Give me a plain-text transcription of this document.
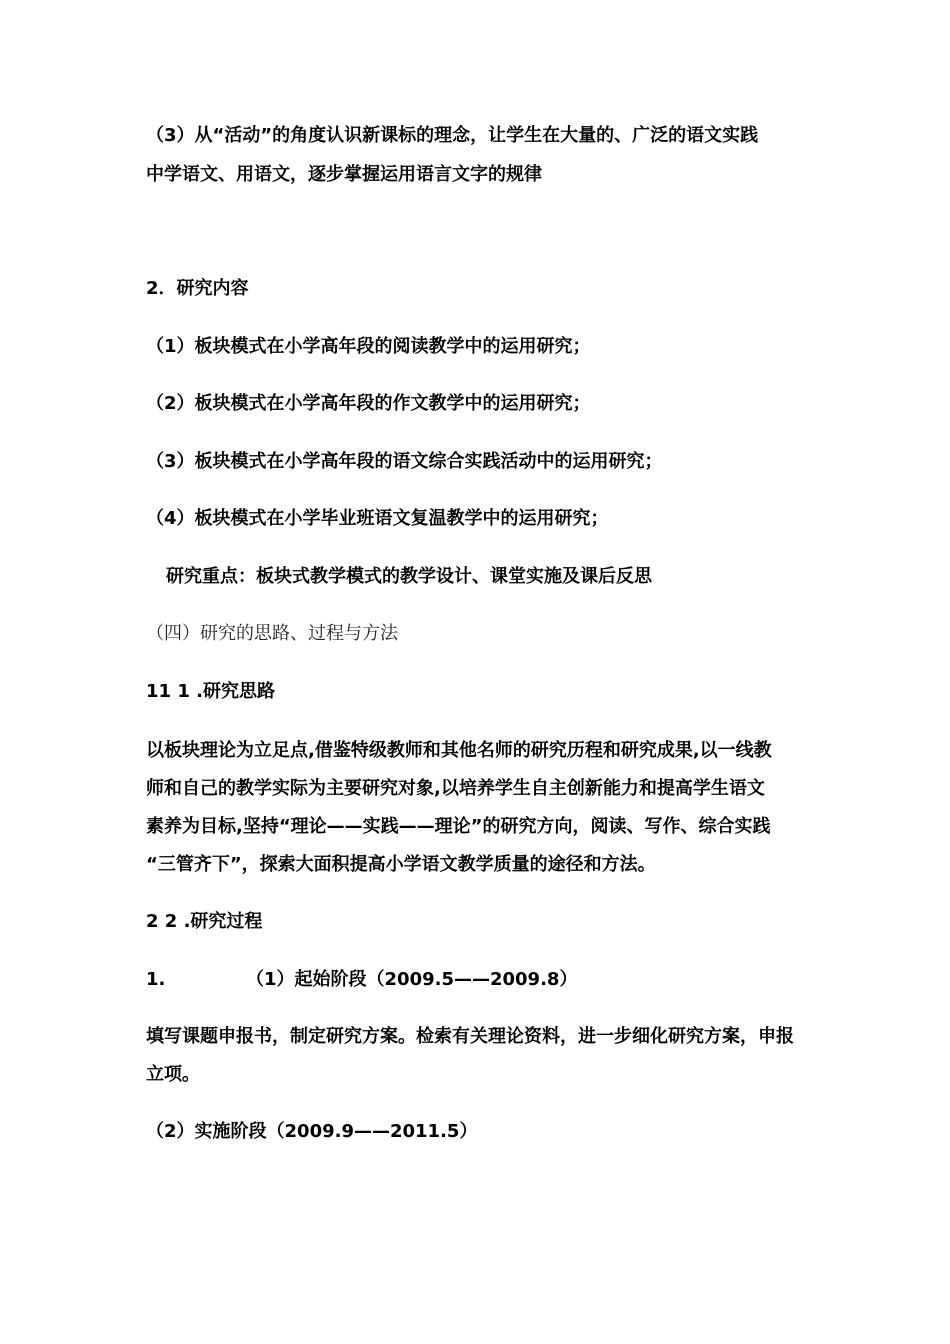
（3）从“活动”的角度认识新课标的理念，让学生在大量的、广泛的语文实践
中学语文、用语文，逐步掌握运用语言文字的规律
2．研究内容
（1）板块模式在小学高年段的阅读教学中的运用研究；
（2）板块模式在小学高年段的作文教学中的运用研究；
（3）板块模式在小学高年段的语文综合实践活动中的运用研究；
（4）板块模式在小学毕业班语文复温教学中的运用研究；
研究重点：板块式教学模式的教学设计、课堂实施及课后反思
（四）研究的思路、过程与方法
11 1 .研究思路
以板块理论为立足点,借鉴特级教师和其他名师的研究历程和研究成果,以一线教
师和自己的教学实际为主要研究对象,以培养学生自主创新能力和提高学生语文
素养为目标,坚持“理论——实践——理论”的研究方向，阅读、写作、综合实践
“三管齐下”，探索大面积提高小学语文教学质量的途径和方法。
2 2 .研究过程
1.	（1）起始阶段（2009.5——2009.8）
填写课题申报书，制定研究方案。检索有关理论资料，进一步细化研究方案，申报
立项。
（2）实施阶段（2009.9——2011.5）
